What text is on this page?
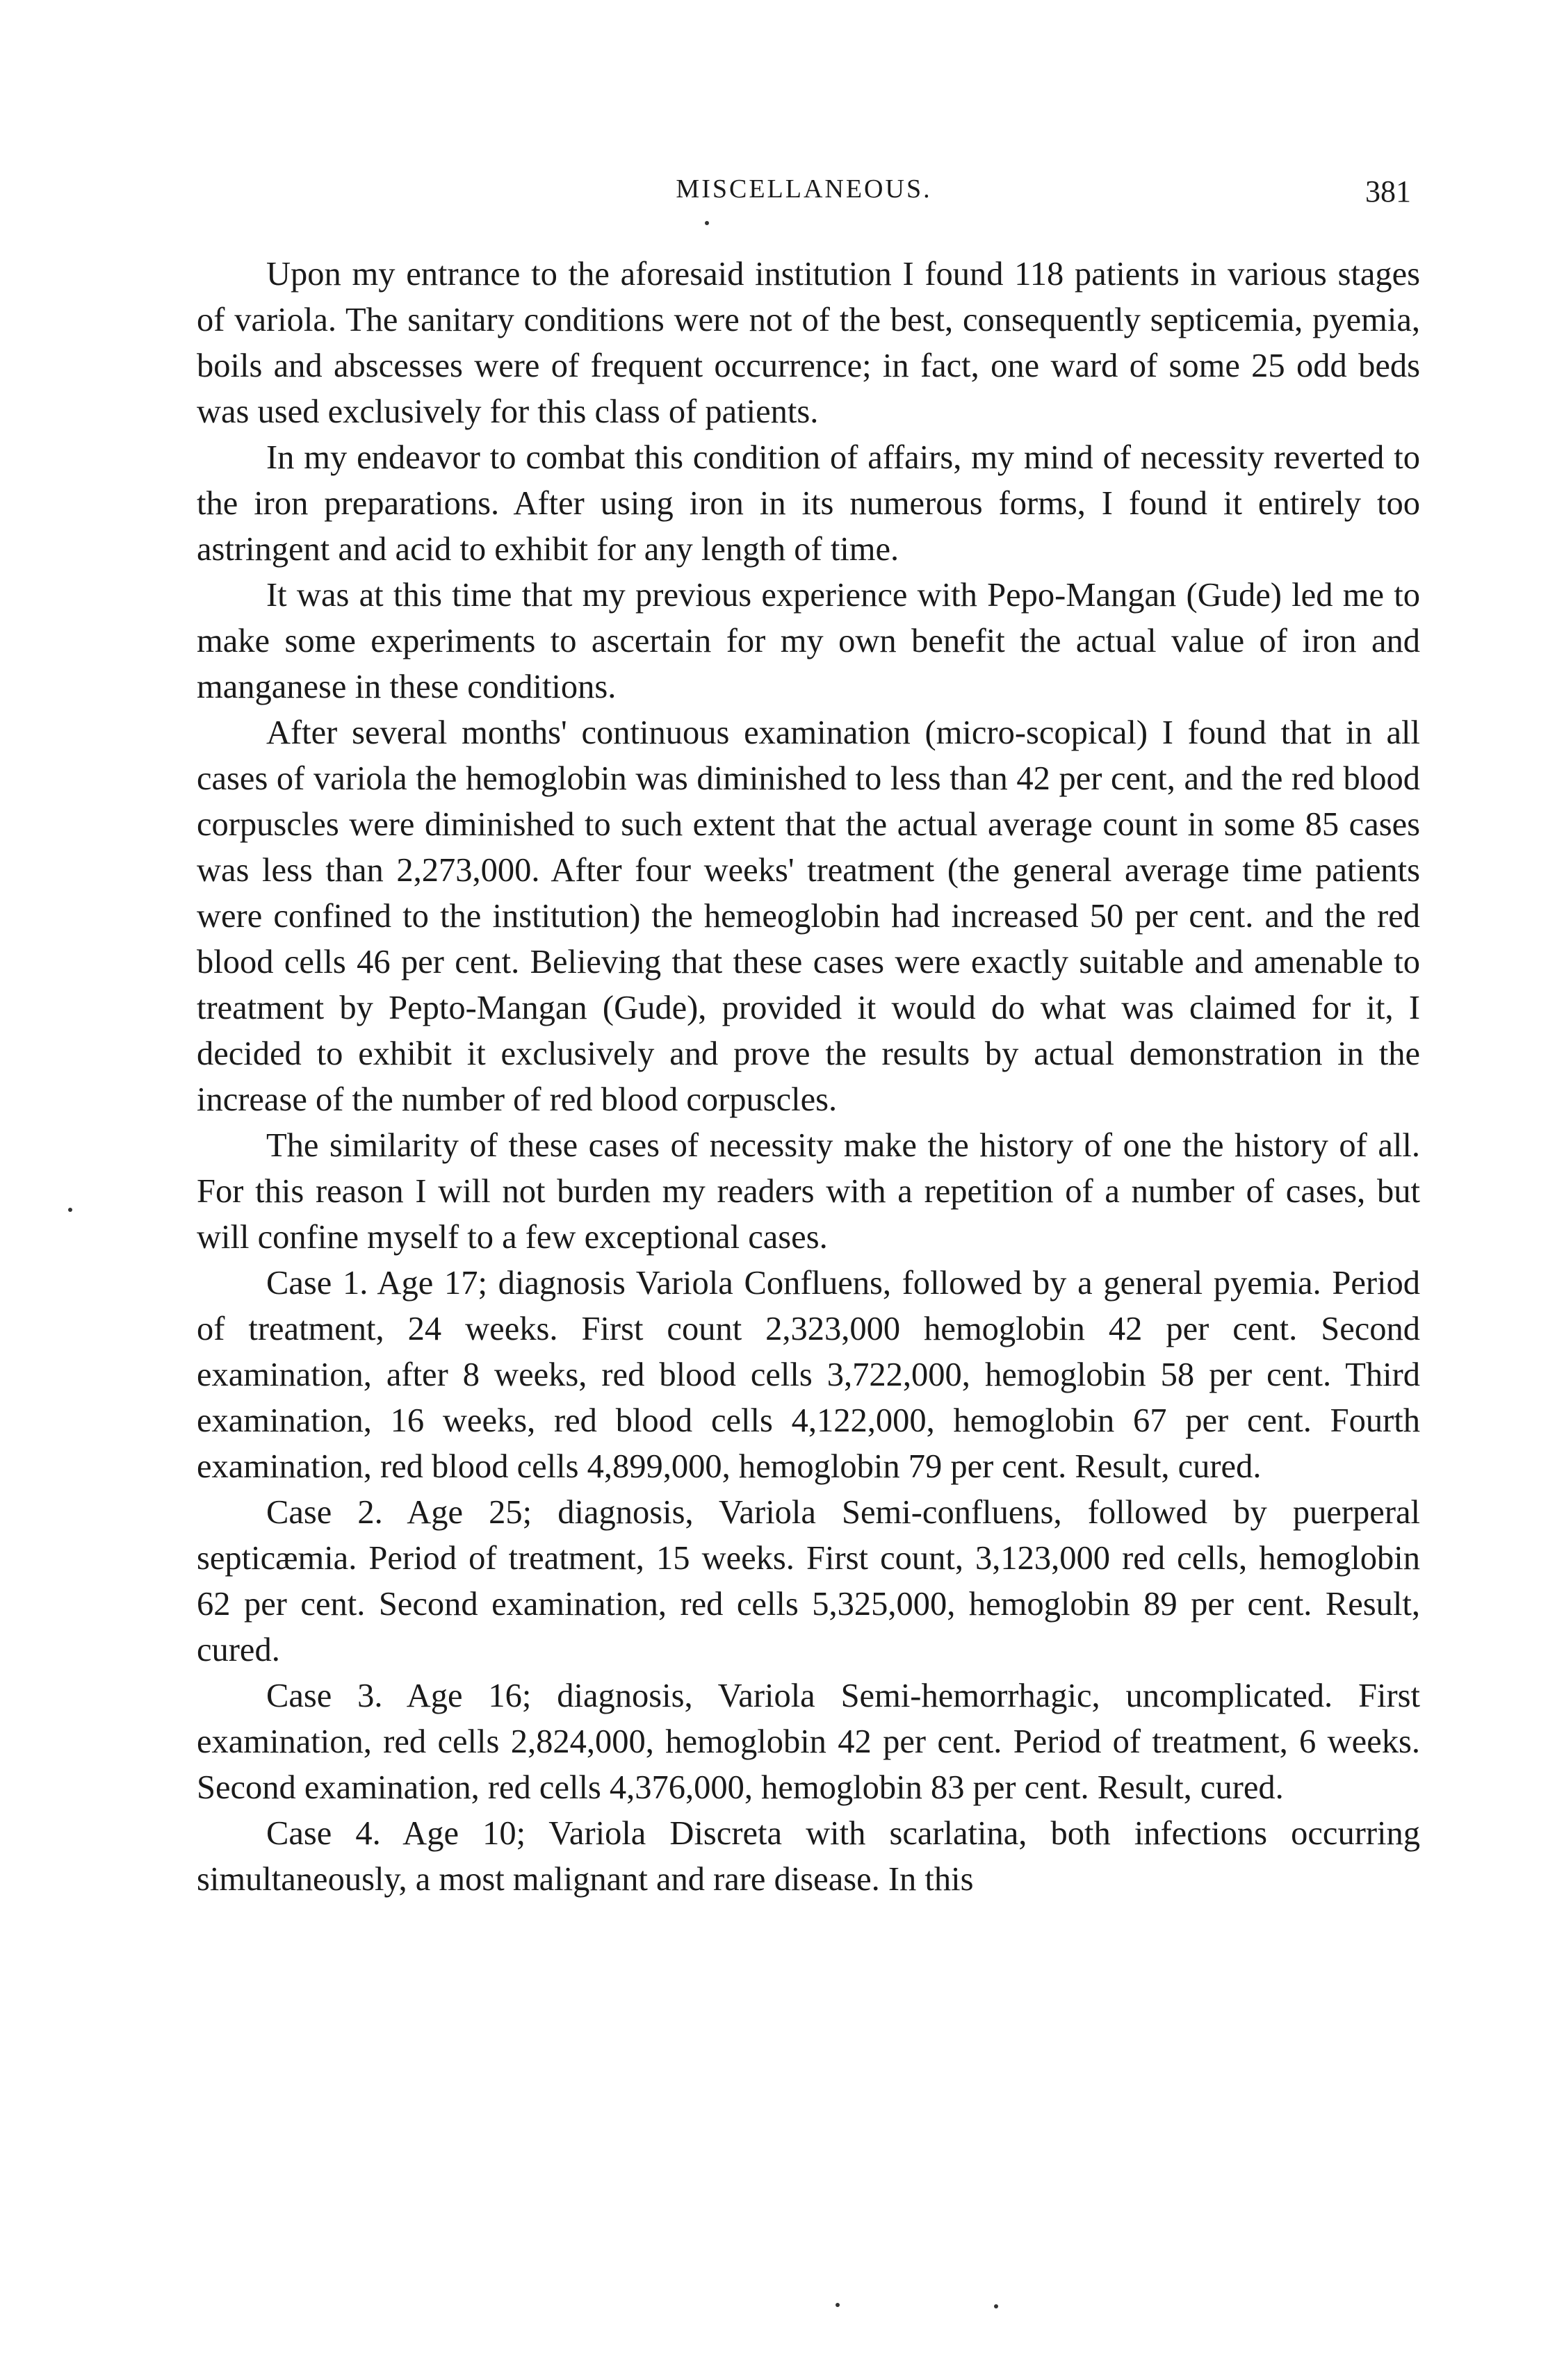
MISCELLANEOUS.	381

Upon my entrance to the aforesaid institution I found 118 patients in various stages of variola. The sanitary conditions were not of the best, consequently septicemia, pyemia, boils and abscesses were of frequent occurrence; in fact, one ward of some 25 odd beds was used exclusively for this class of patients.

In my endeavor to combat this condition of affairs, my mind of necessity reverted to the iron preparations. After using iron in its numerous forms, I found it entirely too astringent and acid to exhibit for any length of time.

It was at this time that my previous experience with Pepo-Mangan (Gude) led me to make some experiments to ascertain for my own benefit the actual value of iron and manganese in these conditions.

After several months' continuous examination (micro-scopical) I found that in all cases of variola the hemoglobin was diminished to less than 42 per cent, and the red blood corpuscles were diminished to such extent that the actual average count in some 85 cases was less than 2,273,000. After four weeks' treatment (the general average time patients were confined to the institution) the hemeoglobin had increased 50 per cent. and the red blood cells 46 per cent. Believing that these cases were exactly suitable and amenable to treatment by Pepto-Mangan (Gude), provided it would do what was claimed for it, I decided to exhibit it exclusively and prove the results by actual demonstration in the increase of the number of red blood corpuscles.

The similarity of these cases of necessity make the history of one the history of all. For this reason I will not burden my readers with a repetition of a number of cases, but will confine myself to a few exceptional cases.

Case 1. Age 17; diagnosis Variola Confluens, followed by a general pyemia. Period of treatment, 24 weeks. First count 2,323,000 hemoglobin 42 per cent. Second examination, after 8 weeks, red blood cells 3,722,000, hemoglobin 58 per cent. Third examination, 16 weeks, red blood cells 4,122,000, hemoglobin 67 per cent. Fourth examination, red blood cells 4,899,000, hemoglobin 79 per cent. Result, cured.

Case 2. Age 25; diagnosis, Variola Semi-confluens, followed by puerperal septicæmia. Period of treatment, 15 weeks. First count, 3,123,000 red cells, hemoglobin 62 per cent. Second examination, red cells 5,325,000, hemoglobin 89 per cent. Result, cured.

Case 3. Age 16; diagnosis, Variola Semi-hemorrhagic, uncomplicated. First examination, red cells 2,824,000, hemoglobin 42 per cent. Period of treatment, 6 weeks. Second examination, red cells 4,376,000, hemoglobin 83 per cent. Result, cured.

Case 4. Age 10; Variola Discreta with scarlatina, both infections occurring simultaneously, a most malignant and rare disease. In this
